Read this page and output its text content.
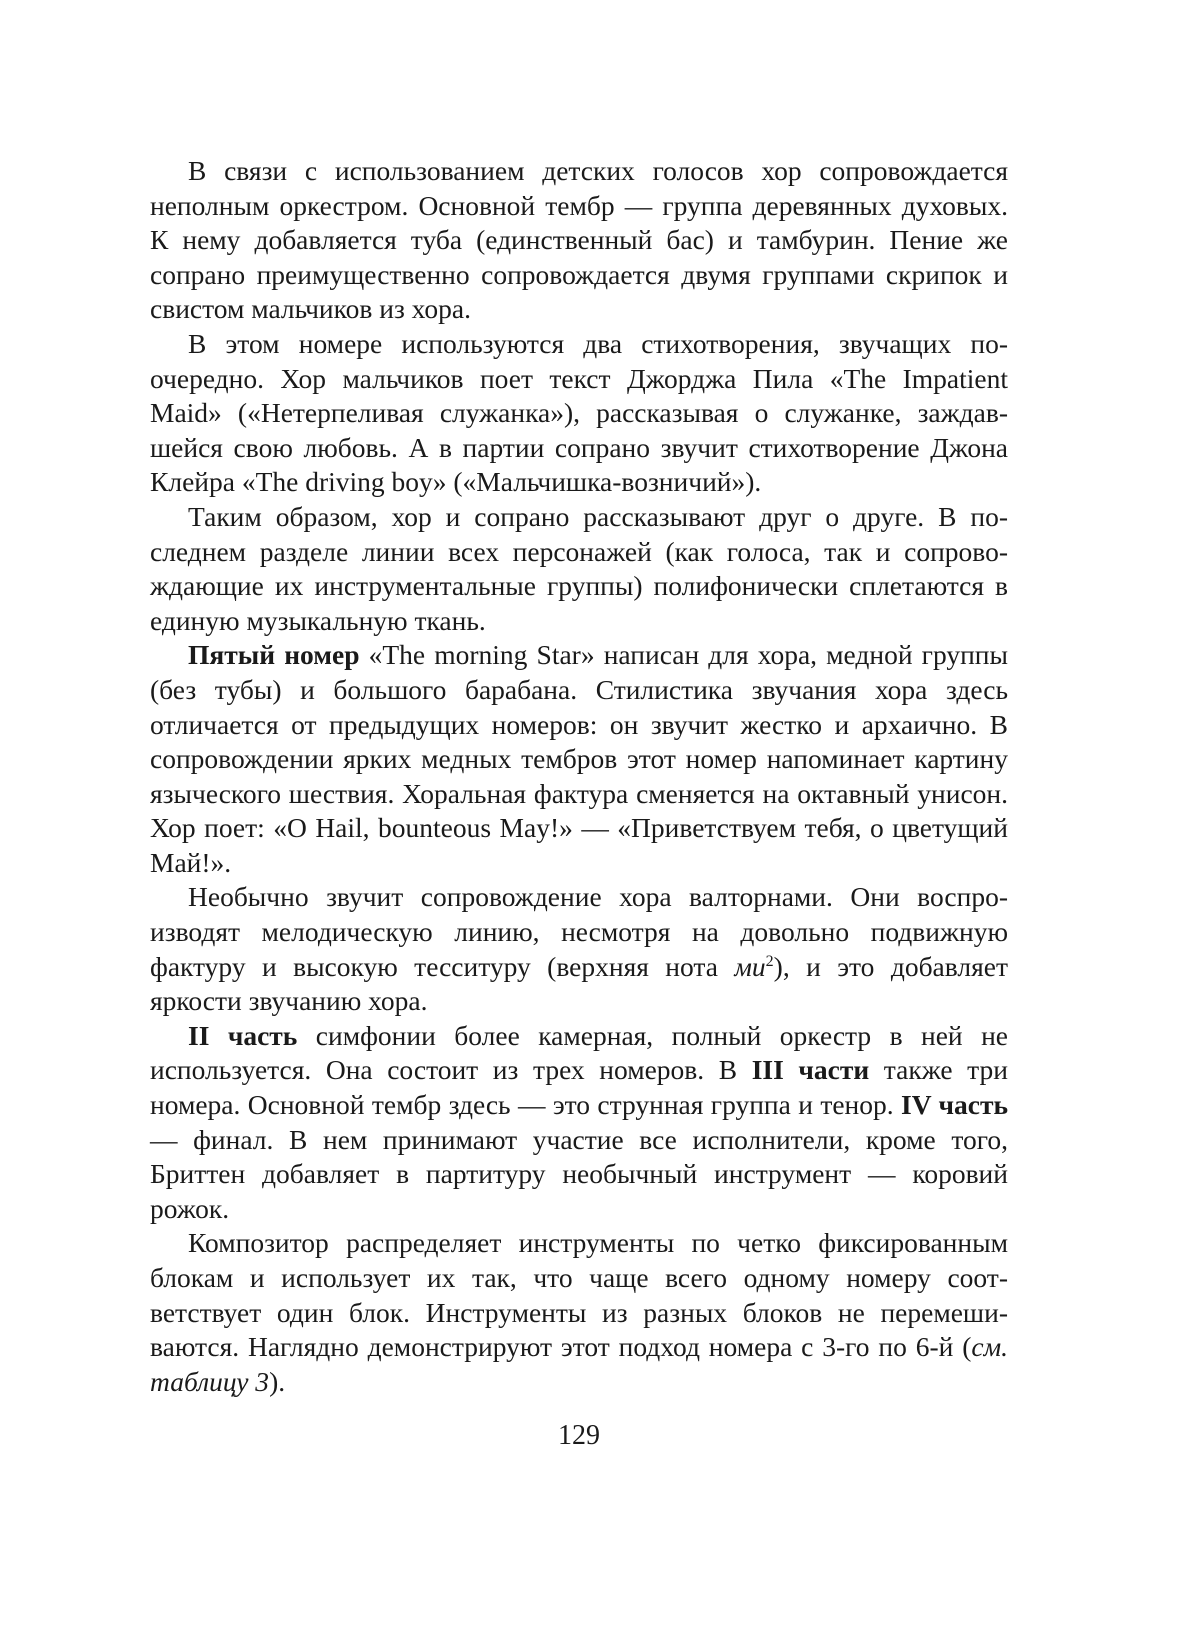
В связи с использованием детских голосов хор сопровождается неполным оркестром. Основной тембр — группа деревянных духо­вых. К нему добавляется туба (единственный бас) и тамбурин. Пение же сопрано преимущественно сопровождается двумя группами скри­пок и свистом мальчиков из хора.

В этом номере используются два стихотворения, звучащих по­очередно. Хор мальчиков поет текст Джорджа Пила «The Impatient Maid» («Нетерпеливая служанка»), рассказывая о служанке, заждав­шейся свою любовь. А в партии сопрано звучит стихотворение Джо­на Клейра «The driving boy» («Мальчишка-возничий»).

Таким образом, хор и сопрано рассказывают друг о друге. В по­следнем разделе линии всех персонажей (как голоса, так и сопрово­ждающие их инструментальные группы) полифонически сплетаются в единую музыкальную ткань.

Пятый номер «The morning Star» написан для хора, медной груп­пы (без тубы) и большого барабана. Стилистика звучания хора здесь отличается от предыдущих номеров: он звучит жестко и архаично. В сопровождении ярких медных тембров этот номер напоминает кар­тину языческого шествия. Хоральная фактура сменяется на октавный унисон. Хор поет: «O Hail, bounteous May!» — «Приветствуем тебя, о цветущий Май!».

Необычно звучит сопровождение хора валторнами. Они воспро­изводят мелодическую линию, несмотря на довольно подвижную фактуру и высокую тесситуру (верхняя нота ми2), и это добавляет яркости звучанию хора.

II часть симфонии более камерная, полный оркестр в ней не используется. Она состоит из трех номеров. В III части также три номера. Основной тембр здесь — это струнная группа и тенор. IV часть — финал. В нем принимают участие все исполнители, кро­ме того, Бриттен добавляет в партитуру необычный инструмент — коровий рожок.

Композитор распределяет инструменты по четко фиксированным блокам и использует их так, что чаще всего одному номеру соот­ветствует один блок. Инструменты из разных блоков не перемеши­ваются. Наглядно демонстрируют этот подход номера с 3-го по 6-й (см. таблицу 3).

129
